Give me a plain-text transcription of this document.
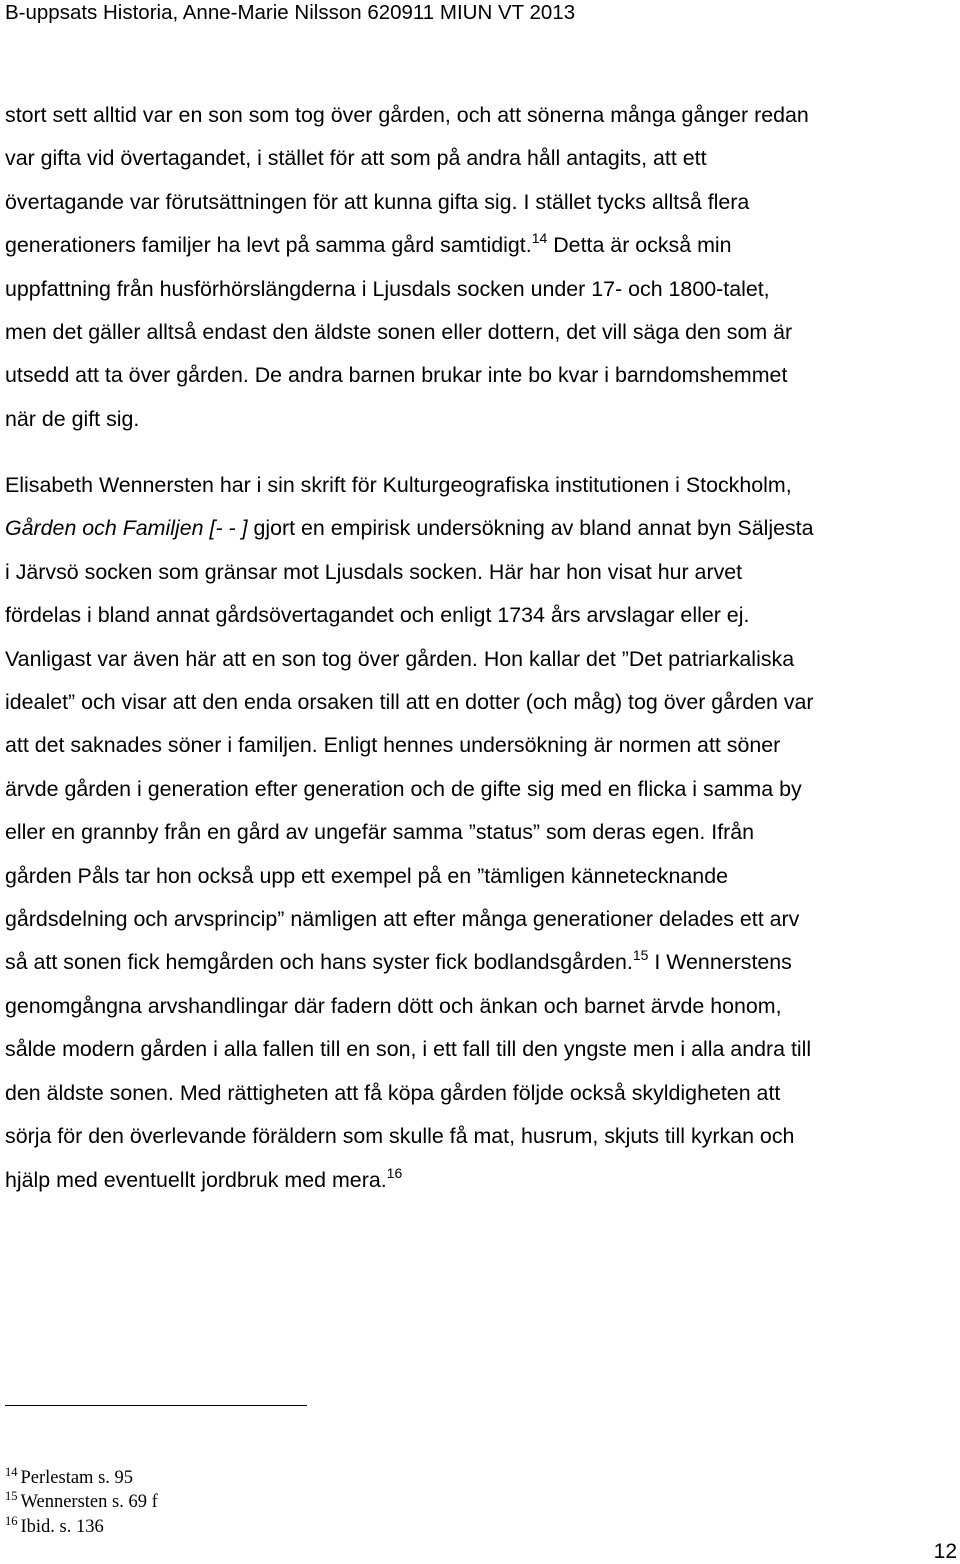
B-uppsats Historia, Anne-Marie Nilsson 620911 MIUN VT 2013
stort sett alltid var en son som tog över gården, och att sönerna många gånger redan
var gifta vid övertagandet, i stället för att som på andra håll antagits, att ett
övertagande var förutsättningen för att kunna gifta sig. I stället tycks alltså flera
generationers familjer ha levt på samma gård samtidigt.$^{14}$ Detta är också min
uppfattning från husförhörslängderna i Ljusdals socken under 17- och 1800-talet,
men det gäller alltså endast den äldste sonen eller dottern, det vill säga den som är
utsedd att ta över gården. De andra barnen brukar inte bo kvar i barndomshemmet
när de gift sig.
Elisabeth Wennersten har i sin skrift för Kulturgeografiska institutionen i Stockholm,
Gården och Familjen [- - ] gjort en empirisk undersökning av bland annat byn Säljesta
i Järvsö socken som gränsar mot Ljusdals socken. Här har hon visat hur arvet
fördelas i bland annat gårdsövertagandet och enligt 1734 års arvslagar eller ej.
Vanligast var även här att en son tog över gården. Hon kallar det ”Det patriarkaliska
idealet” och visar att den enda orsaken till att en dotter (och måg) tog över gården var
att det saknades söner i familjen. Enligt hennes undersökning är normen att söner
ärvde gården i generation efter generation och de gifte sig med en flicka i samma by
eller en grannby från en gård av ungefär samma ”status” som deras egen. Ifrån
gården Påls tar hon också upp ett exempel på en ”tämligen kännetecknande
gårdsdelning och arvsprincip” nämligen att efter många generationer delades ett arv
så att sonen fick hemgården och hans syster fick bodlandsgården.$^{15}$ I Wennerstens
genomgångna arvshandlingar där fadern dött och änkan och barnet ärvde honom,
sålde modern gården i alla fallen till en son, i ett fall till den yngste men i alla andra till
den äldste sonen. Med rättigheten att få köpa gården följde också skyldigheten att
sörja för den överlevande föräldern som skulle få mat, husrum, skjuts till kyrkan och
hjälp med eventuellt jordbruk med mera.$^{16}$
$^{14}$ Perlestam s. 95
$^{15}$ Wennersten s. 69 f
$^{16}$ Ibid. s. 136
12
